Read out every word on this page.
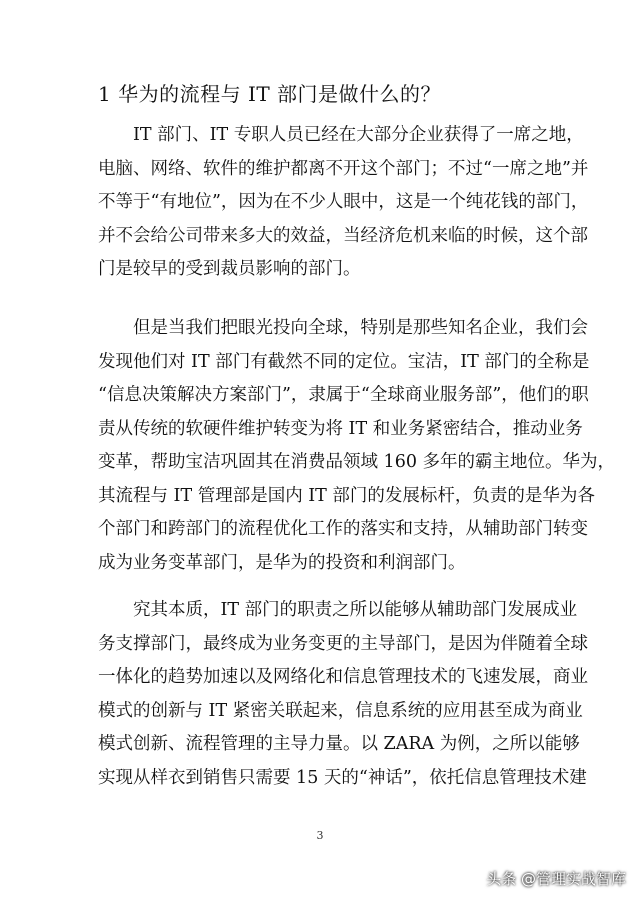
1 华为的流程与 IT 部门是做什么的？
IT 部门、IT 专职人员已经在大部分企业获得了一席之地，
电脑、网络、软件的维护都离不开这个部门；不过“一席之地”并
不等于“有地位”，因为在不少人眼中，这是一个纯花钱的部门，
并不会给公司带来多大的效益，当经济危机来临的时候，这个部
门是较早的受到裁员影响的部门。
但是当我们把眼光投向全球，特别是那些知名企业，我们会
发现他们对 IT 部门有截然不同的定位。宝洁，IT 部门的全称是
“信息决策解决方案部门”，隶属于“全球商业服务部”，他们的职
责从传统的软硬件维护转变为将 IT 和业务紧密结合，推动业务
变革，帮助宝洁巩固其在消费品领域 160 多年的霸主地位。华为，
其流程与 IT 管理部是国内 IT 部门的发展标杆，负责的是华为各
个部门和跨部门的流程优化工作的落实和支持，从辅助部门转变
成为业务变革部门，是华为的投资和利润部门。
究其本质，IT 部门的职责之所以能够从辅助部门发展成业
务支撑部门，最终成为业务变更的主导部门，是因为伴随着全球
一体化的趋势加速以及网络化和信息管理技术的飞速发展，商业
模式的创新与 IT 紧密关联起来，信息系统的应用甚至成为商业
模式创新、流程管理的主导力量。以 ZARA 为例，之所以能够
实现从样衣到销售只需要 15 天的“神话”，依托信息管理技术建
3
头条 @管理实战智库
